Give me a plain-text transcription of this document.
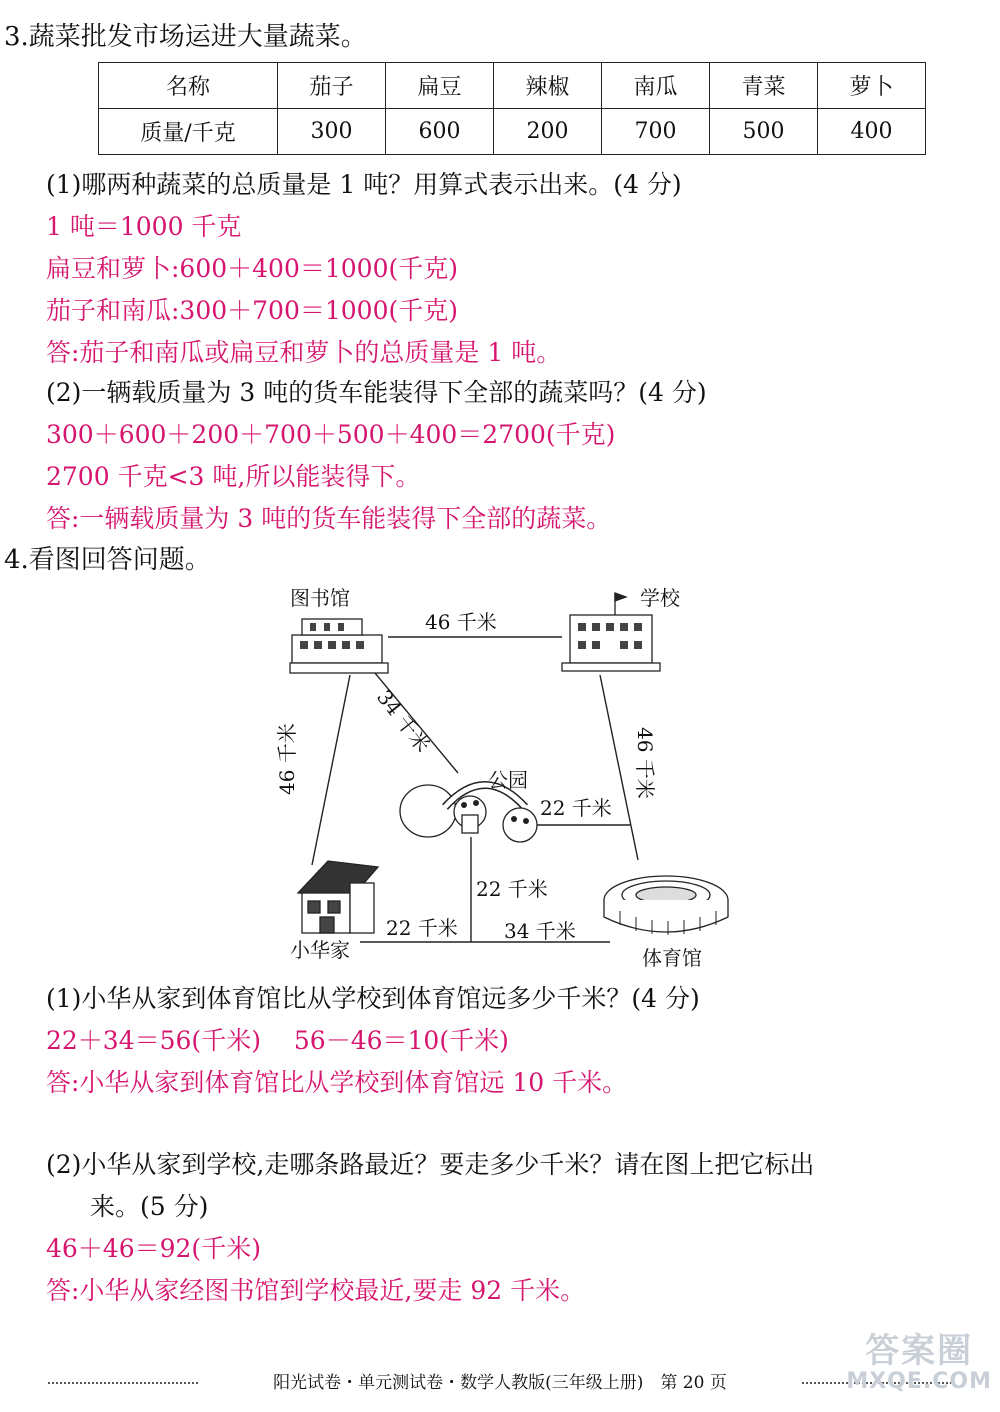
3.蔬菜批发市场运进大量蔬菜。
名称	茄子	扁豆	辣椒	南瓜	青菜	萝卜
质量/千克	300	600	200	700	500	400
(1)哪两种蔬菜的总质量是 1 吨？用算式表示出来。(4 分)
1 吨＝1000 千克
扁豆和萝卜:600＋400＝1000(千克)
茄子和南瓜:300＋700＝1000(千克)
答:茄子和南瓜或扁豆和萝卜的总质量是 1 吨。
(2)一辆载质量为 3 吨的货车能装得下全部的蔬菜吗？(4 分)
300＋600＋200＋700＋500＋400＝2700(千克)
2700 千克<3 吨,所以能装得下。
答:一辆载质量为 3 吨的货车能装得下全部的蔬菜。
4.看图回答问题。
图书馆	学校
公园
小华家	体育馆
46 千米
34 千米
46 千米	46 千米
22 千米
22 千米
22 千米 34 千米
(1)小华从家到体育馆比从学校到体育馆远多少千米？(4 分)
22＋34＝56(千米)　 56－46＝10(千米)
答:小华从家到体育馆比从学校到体育馆远 10 千米。
(2)小华从家到学校,走哪条路最近？要走多少千米？请在图上把它标出
来。(5 分)
46＋46＝92(千米)
答:小华从家经图书馆到学校最近,要走 92 千米。
阳光试卷・单元测试卷・数学人教版(三年级上册)　第 20 页
答案圈
MXQE.COM
